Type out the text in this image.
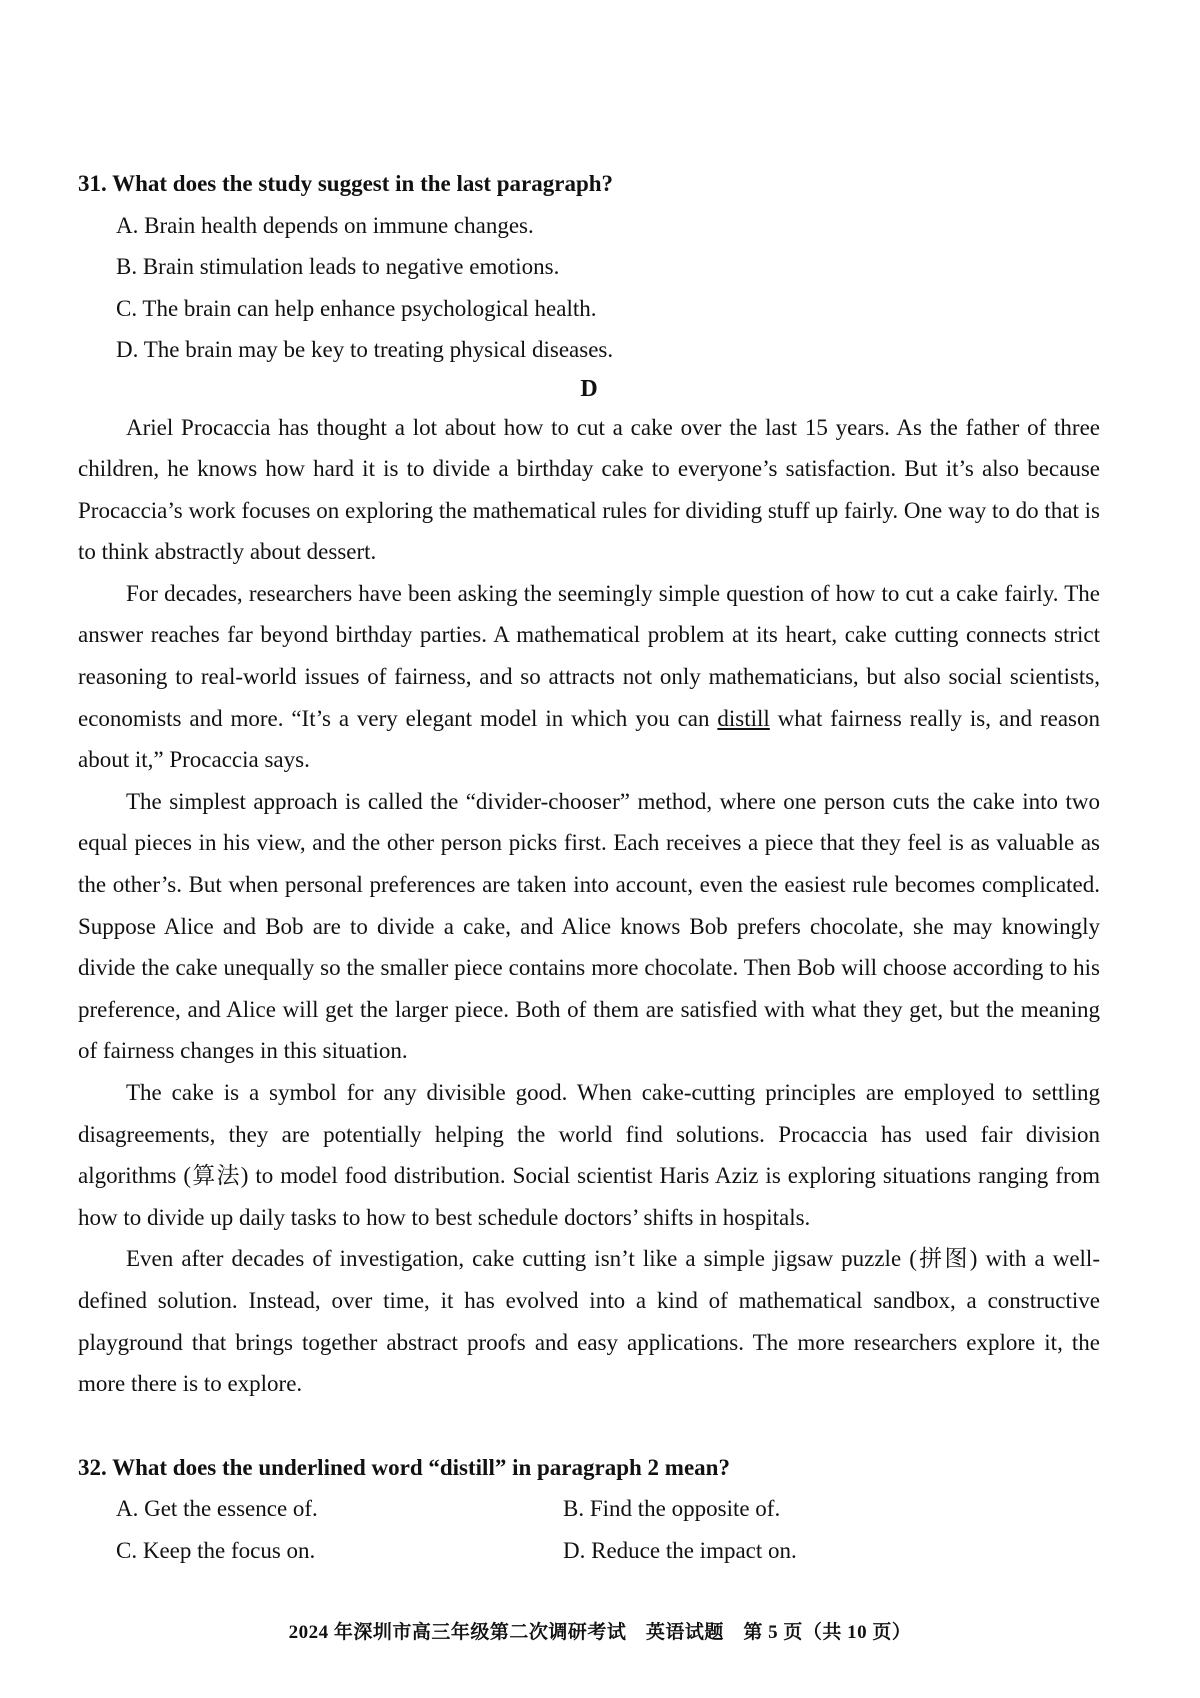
31. What does the study suggest in the last paragraph?

A. Brain health depends on immune changes.
B. Brain stimulation leads to negative emotions.
C. The brain can help enhance psychological health.
D. The brain may be key to treating physical diseases.

D

Ariel Procaccia has thought a lot about how to cut a cake over the last 15 years. As the father of three children, he knows how hard it is to divide a birthday cake to everyone’s satisfaction. But it’s also because Procaccia’s work focuses on exploring the mathematical rules for dividing stuff up fairly. One way to do that is to think abstractly about dessert.

For decades, researchers have been asking the seemingly simple question of how to cut a cake fairly. The answer reaches far beyond birthday parties. A mathematical problem at its heart, cake cutting connects strict reasoning to real-world issues of fairness, and so attracts not only mathematicians, but also social scientists, economists and more. “It’s a very elegant model in which you can distill what fairness really is, and reason about it,” Procaccia says.

The simplest approach is called the “divider-chooser” method, where one person cuts the cake into two equal pieces in his view, and the other person picks first. Each receives a piece that they feel is as valuable as the other’s. But when personal preferences are taken into account, even the easiest rule becomes complicated. Suppose Alice and Bob are to divide a cake, and Alice knows Bob prefers chocolate, she may knowingly divide the cake unequally so the smaller piece contains more chocolate. Then Bob will choose according to his preference, and Alice will get the larger piece. Both of them are satisfied with what they get, but the meaning of fairness changes in this situation.

The cake is a symbol for any divisible good. When cake-cutting principles are employed to settling disagreements, they are potentially helping the world find solutions. Procaccia has used fair division algorithms (算法) to model food distribution. Social scientist Haris Aziz is exploring situations ranging from how to divide up daily tasks to how to best schedule doctors’ shifts in hospitals.

Even after decades of investigation, cake cutting isn’t like a simple jigsaw puzzle (拼图) with a well-defined solution. Instead, over time, it has evolved into a kind of mathematical sandbox, a constructive playground that brings together abstract proofs and easy applications. The more researchers explore it, the more there is to explore.

32. What does the underlined word “distill” in paragraph 2 mean?

A. Get the essence of.	B. Find the opposite of.
C. Keep the focus on.	D. Reduce the impact on.
2024 年深圳市高三年级第二次调研考试　英语试题　第 5 页（共 10 页）
